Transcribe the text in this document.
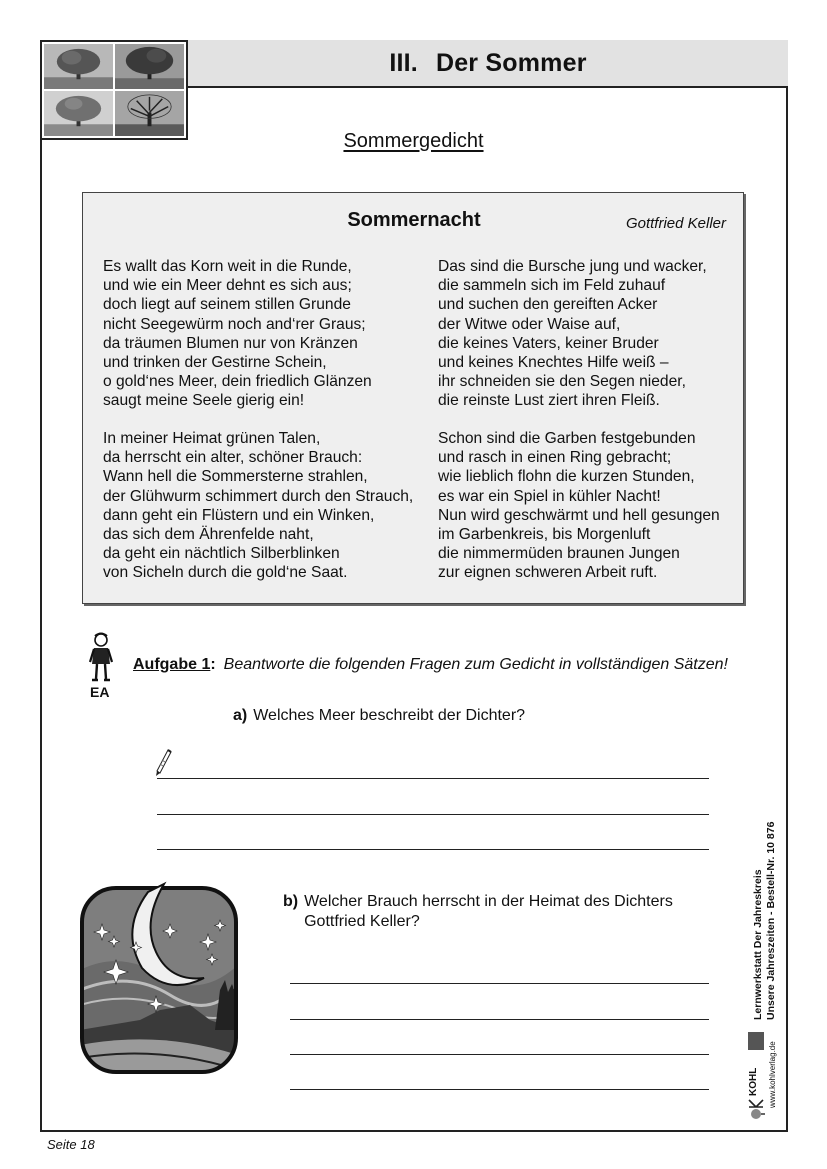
III. Der Sommer
Sommergedicht
Sommernacht	Gottfried Keller
Es wallt das Korn weit in die Runde,
und wie ein Meer dehnt es sich aus;
doch liegt auf seinem stillen Grunde
nicht Seegewürm noch and‘rer Graus;
da träumen Blumen nur von Kränzen
und trinken der Gestirne Schein,
o gold‘nes Meer, dein friedlich Glänzen
saugt meine Seele gierig ein!
In meiner Heimat grünen Talen,
da herrscht ein alter, schöner Brauch:
Wann hell die Sommersterne strahlen,
der Glühwurm schimmert durch den Strauch,
dann geht ein Flüstern und ein Winken,
das sich dem Ährenfelde naht,
da geht ein nächtlich Silberblinken
von Sicheln durch die gold‘ne Saat.
Das sind die Bursche jung und wacker,
die sammeln sich im Feld zuhauf
und suchen den gereiften Acker
der Witwe oder Waise auf,
die keines Vaters, keiner Bruder
und keines Knechtes Hilfe weiß –
ihr schneiden sie den Segen nieder,
die reinste Lust ziert ihren Fleiß.
Schon sind die Garben festgebunden
und rasch in einen Ring gebracht;
wie lieblich flohn die kurzen Stunden,
es war ein Spiel in kühler Nacht!
Nun wird geschwärmt und hell gesungen
im Garbenkreis, bis Morgenluft
die nimmermüden braunen Jungen
zur eignen schweren Arbeit ruft.
EA
Aufgabe 1: Beantworte die folgenden Fragen zum Gedicht in vollständigen Sätzen!
a) Welches Meer beschreibt der Dichter?
b) Welcher Brauch herrscht in der Heimat des Dichters
Gottfried Keller?
KOHL www.kohlverlag.de
Lernwerkstatt Der Jahreskreis Unsere Jahreszeiten - Bestell-Nr. 10 876
Seite 18
